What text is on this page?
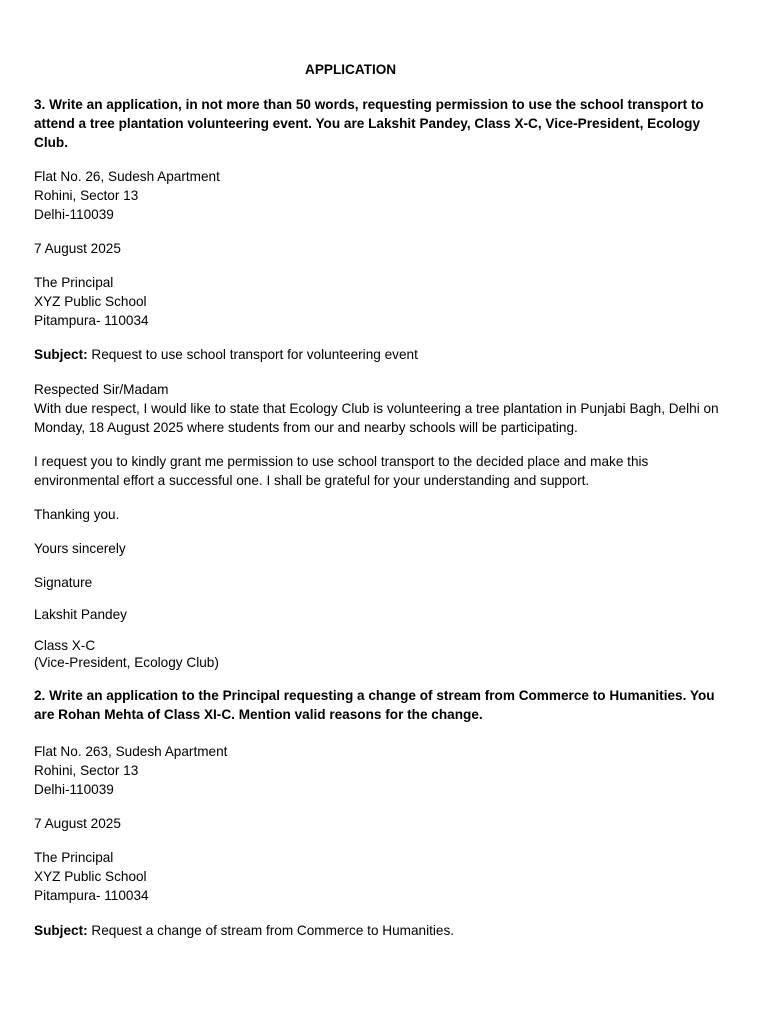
APPLICATION

3. Write an application, in not more than 50 words, requesting permission to use the school transport to attend a tree plantation volunteering event. You are Lakshit Pandey, Class X-C, Vice-President, Ecology Club.

Flat No. 26, Sudesh Apartment

Rohini, Sector 13

Delhi-110039

7 August 2025

The Principal

XYZ Public School

Pitampura- 110034

Subject: Request to use school transport for volunteering event

Respected Sir/Madam

With due respect, I would like to state that Ecology Club is volunteering a tree plantation in Punjabi Bagh, Delhi on Monday, 18 August 2025 where students from our and nearby schools will be participating.

I request you to kindly grant me permission to use school transport to the decided place and make this environmental effort a successful one. I shall be grateful for your understanding and support.

Thanking you.

Yours sincerely

Signature

Lakshit Pandey

Class X-C

(Vice-President, Ecology Club)

2. Write an application to the Principal requesting a change of stream from Commerce to Humanities. You are Rohan Mehta of Class XI-C. Mention valid reasons for the change.

Flat No. 263, Sudesh Apartment

Rohini, Sector 13

Delhi-110039

7 August 2025

The Principal

XYZ Public School

Pitampura- 110034

Subject: Request a change of stream from Commerce to Humanities.
